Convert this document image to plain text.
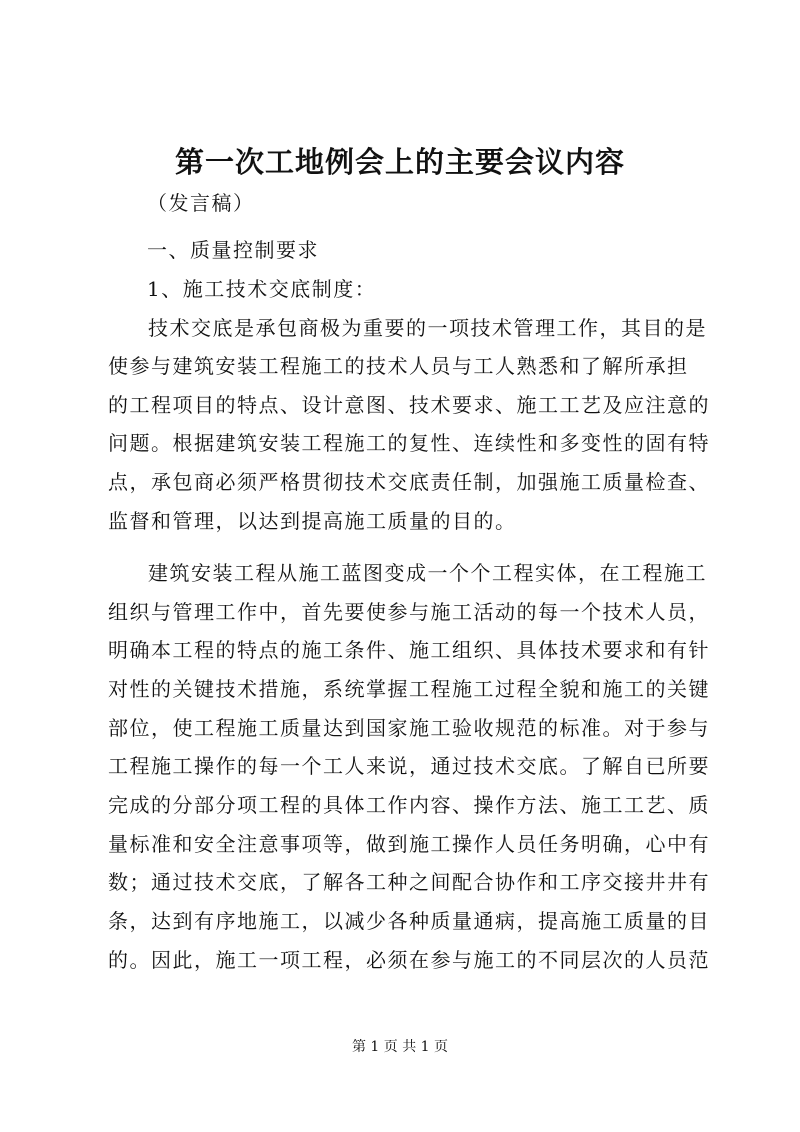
第一次工地例会上的主要会议内容
（发言稿）
一、质量控制要求
1、施工技术交底制度：
技术交底是承包商极为重要的一项技术管理工作，其目的是
使参与建筑安装工程施工的技术人员与工人熟悉和了解所承担
的工程项目的特点、设计意图、技术要求、施工工艺及应注意的
问题。根据建筑安装工程施工的复性、连续性和多变性的固有特
点，承包商必须严格贯彻技术交底责任制，加强施工质量检查、
监督和管理，以达到提高施工质量的目的。
建筑安装工程从施工蓝图变成一个个工程实体，在工程施工
组织与管理工作中，首先要使参与施工活动的每一个技术人员，
明确本工程的特点的施工条件、施工组织、具体技术要求和有针
对性的关键技术措施，系统掌握工程施工过程全貌和施工的关键
部位，使工程施工质量达到国家施工验收规范的标准。对于参与
工程施工操作的每一个工人来说，通过技术交底。了解自已所要
完成的分部分项工程的具体工作内容、操作方法、施工工艺、质
量标准和安全注意事项等，做到施工操作人员任务明确，心中有
数；通过技术交底，了解各工种之间配合协作和工序交接井井有
条，达到有序地施工，以减少各种质量通病，提高施工质量的目
的。因此，施工一项工程，必须在参与施工的不同层次的人员范
第 1 页 共 1 页
